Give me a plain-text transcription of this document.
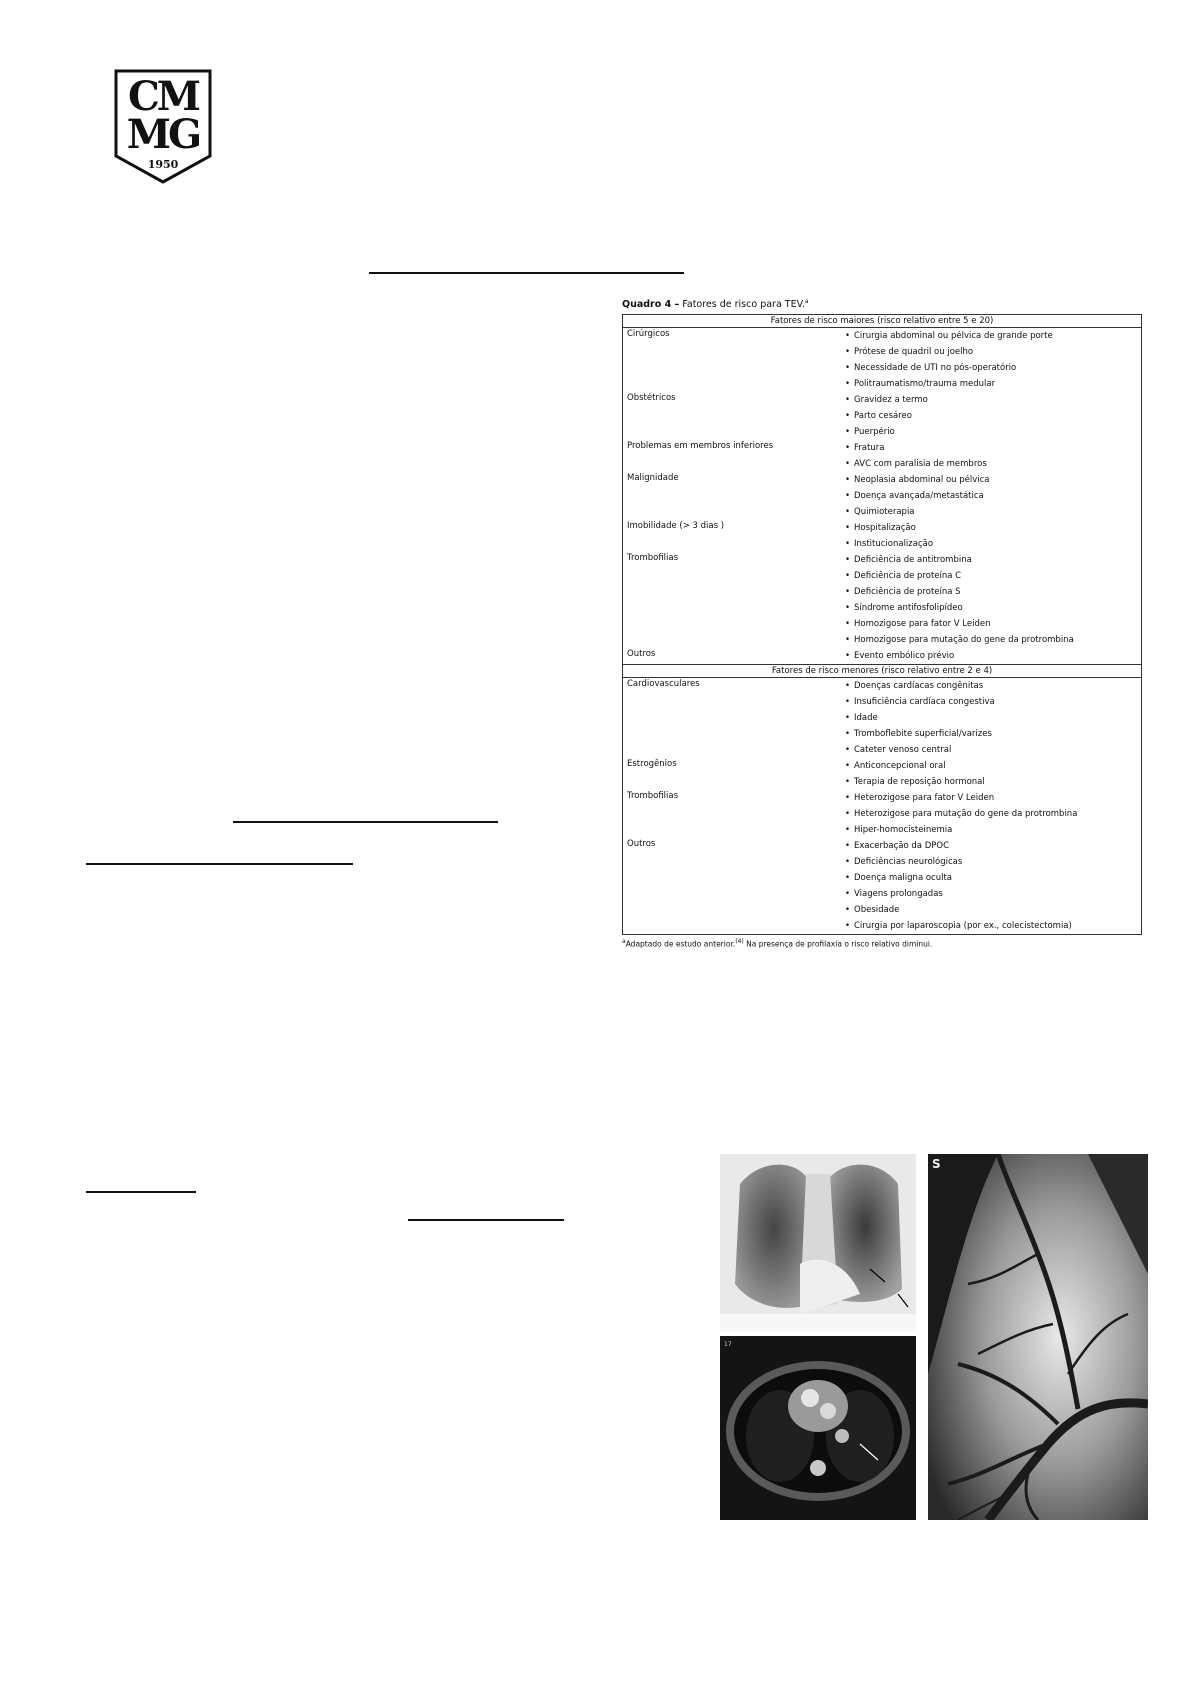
CM
MG
1950
Quadro 4 – Fatores de risco para TEV.$^a$
Fatores de risco maiores (risco relativo entre 5 e 20)
Cirúrgicos	• Cirurgia abdominal ou pélvica de grande porte
• Prótese de quadril ou joelho
• Necessidade de UTI no pós-operatório
• Politraumatismo/trauma medular
Obstétricos	• Gravidez a termo
• Parto cesáreo
• Puerpério
Problemas em membros inferiores	• Fratura
• AVC com paralisia de membros
Malignidade	• Neoplasia abdominal ou pélvica
• Doença avançada/metastática
• Quimioterapia
Imobilidade (> 3 dias )	• Hospitalização
• Institucionalização
Trombofilias	• Deficiência de antitrombina
• Deficiência de proteína C
• Deficiência de proteína S
• Síndrome antifosfolipídeo
• Homozigose para fator V Leiden
• Homozigose para mutação do gene da protrombina
Outros	• Evento embólico prévio
Fatores de risco menores (risco relativo entre 2 e 4)
Cardiovasculares	• Doenças cardíacas congênitas
• Insuficiência cardíaca congestiva
• Idade
• Tromboflebite superficial/varizes
• Cateter venoso central
Estrogênios	• Anticoncepcional oral
• Terapia de reposição hormonal
Trombofilias	• Heterozigose para fator V Leiden
• Heterozigose para mutação do gene da protrombina
• Hiper-homocisteinemia
Outros	• Exacerbação da DPOC
• Deficiências neurológicas
• Doença maligna oculta
• Viagens prolongadas
• Obesidade
• Cirurgia por laparoscopia (por ex., colecistectomia)
$^a$Adaptado de estudo anterior.$^{(4)}$ Na presença de profilaxia o risco relativo diminui.
17
S
